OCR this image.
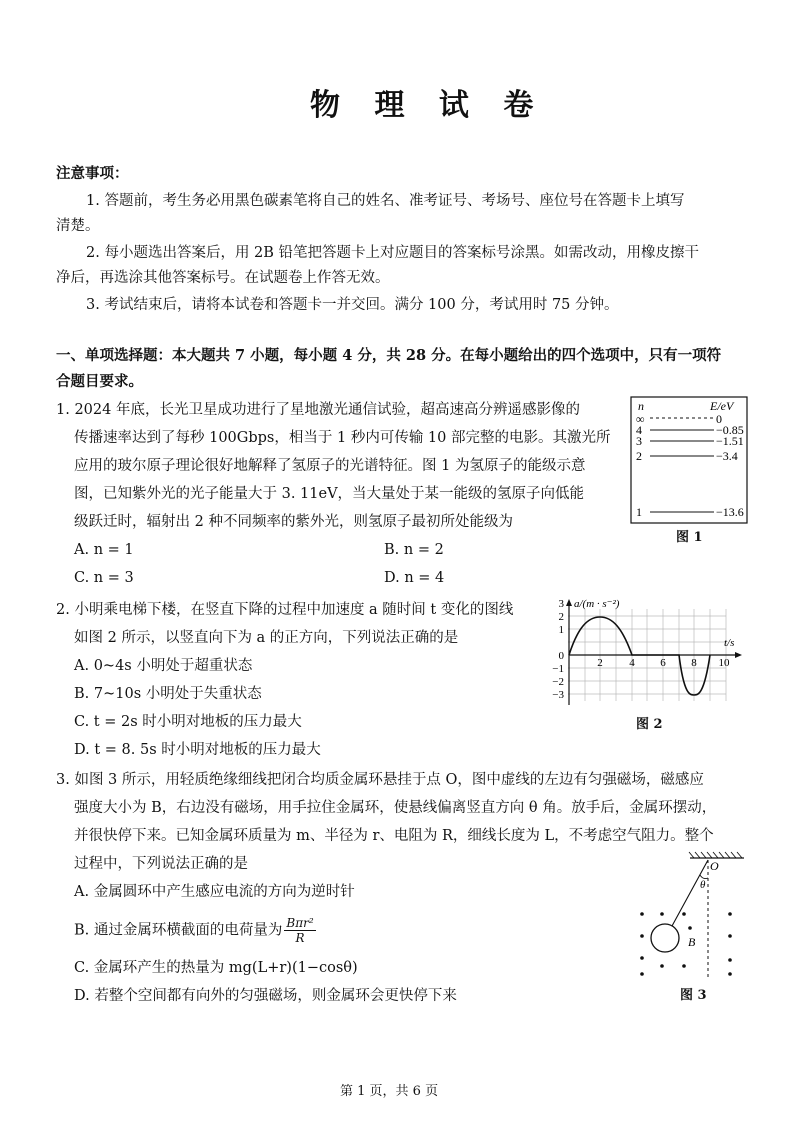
物 理 试 卷
注意事项：
1. 答题前，考生务必用黑色碳素笔将自己的姓名、准考证号、考场号、座位号在答题卡上填写
清楚。
2. 每小题选出答案后，用 2B 铅笔把答题卡上对应题目的答案标号涂黑。如需改动，用橡皮擦干
净后，再选涂其他答案标号。在试题卷上作答无效。
3. 考试结束后，请将本试卷和答题卡一并交回。满分 100 分，考试用时 75 分钟。
一、单项选择题：本大题共 7 小题，每小题 4 分，共 28 分。在每小题给出的四个选项中，只有一项符
合题目要求。
1. 2024 年底，长光卫星成功进行了星地激光通信试验，超高速高分辨遥感影像的
传播速率达到了每秒 100Gbps，相当于 1 秒内可传输 10 部完整的电影。其激光所
应用的玻尔原子理论很好地解释了氢原子的光谱特征。图 1 为氢原子的能级示意
图，已知紫外光的光子能量大于 3. 11eV，当大量处于某一能级的氢原子向低能
级跃迁时，辐射出 2 种不同频率的紫外光，则氢原子最初所处能级为
A. n = 1	B. n = 2
C. n = 3	D. n = 4
n	E/eV
∞	0
4	−0.85
3	−1.51
2	−3.4
1	−13.6
图 1
2. 小明乘电梯下楼，在竖直下降的过程中加速度 a 随时间 t 变化的图线
如图 2 所示，以竖直向下为 a 的正方向，下列说法正确的是
A. 0~4s 小明处于超重状态
B. 7~10s 小明处于失重状态
C. t = 2s 时小明对地板的压力最大
D. t = 8. 5s 时小明对地板的压力最大
a/(m · s⁻²)
t/s
3
2
1
0
−1
−2
−3
2 4 6 8 10
图 2
3. 如图 3 所示，用轻质绝缘细线把闭合均质金属环悬挂于点 O，图中虚线的左边有匀强磁场，磁感应
强度大小为 B，右边没有磁场，用手拉住金属环，使悬线偏离竖直方向 θ 角。放手后，金属环摆动，
并很快停下来。已知金属环质量为 m、半径为 r、电阻为 R，细线长度为 L，不考虑空气阻力。整个
过程中，下列说法正确的是
A. 金属圆环中产生感应电流的方向为逆时针
B. 通过金属环横截面的电荷量为 $\frac{\text{Bπr²}}{R}$
C. 金属环产生的热量为 mg(L+r)(1−cosθ)
D. 若整个空间都有向外的匀强磁场，则金属环会更快停下来
O
θ
B
图 3
第 1 页，共 6 页
